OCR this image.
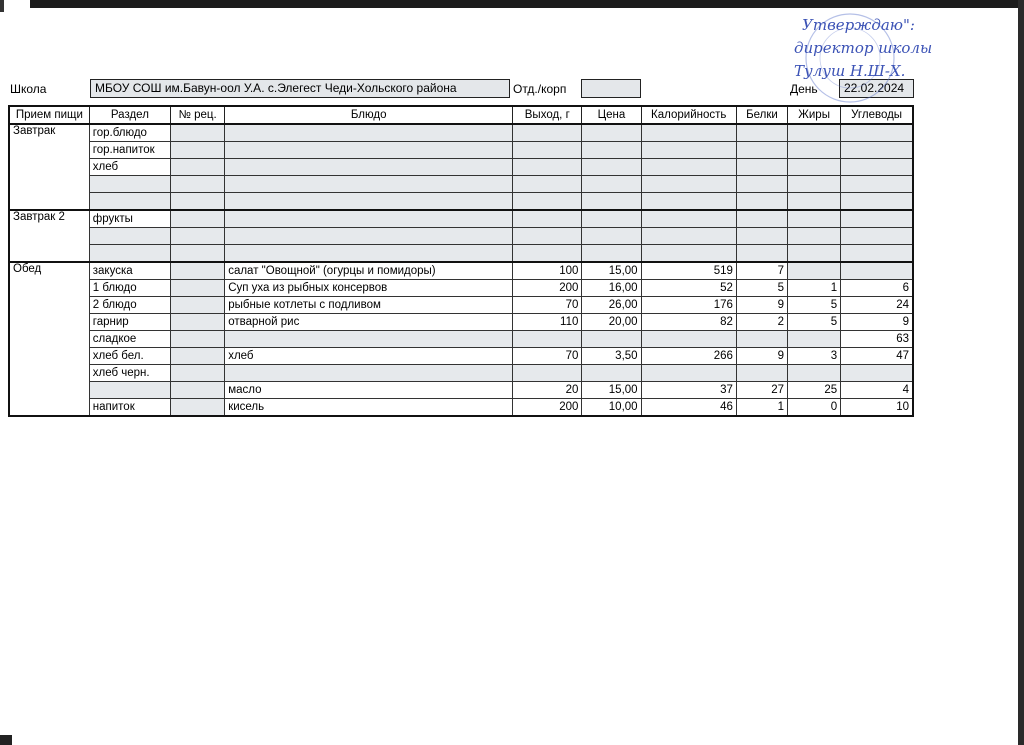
Школа	МБОУ СОШ им.Бавун-оол У.А. с.Элегест Чеди-Хольского района	Отд./корп	День	22.02.2024
Утверждаю":
директор школы
Тулуш Н.Ш-Х.
Прием пищи	Раздел	№ рец.	Блюдо	Выход, г	Цена	Калорийность	Белки	Жиры	Углеводы
Завтрак	гор.блюдо								
	гор.напиток								
	хлеб								

Завтрак 2	фрукты								

Обед	закуска		салат "Овощной" (огурцы и помидоры)	100	15,00	519	7		
	1 блюдо		Суп уха из рыбных консервов	200	16,00	52	5	1	6
	2 блюдо		рыбные котлеты с подливом	70	26,00	176	9	5	24
	гарнир		отварной рис	110	20,00	82	2	5	9
	сладкое								63
	хлеб бел.		хлеб	70	3,50	266	9	3	47
	хлеб черн.								
			масло	20	15,00	37	27	25	4
	напиток		кисель	200	10,00	46	1	0	10
